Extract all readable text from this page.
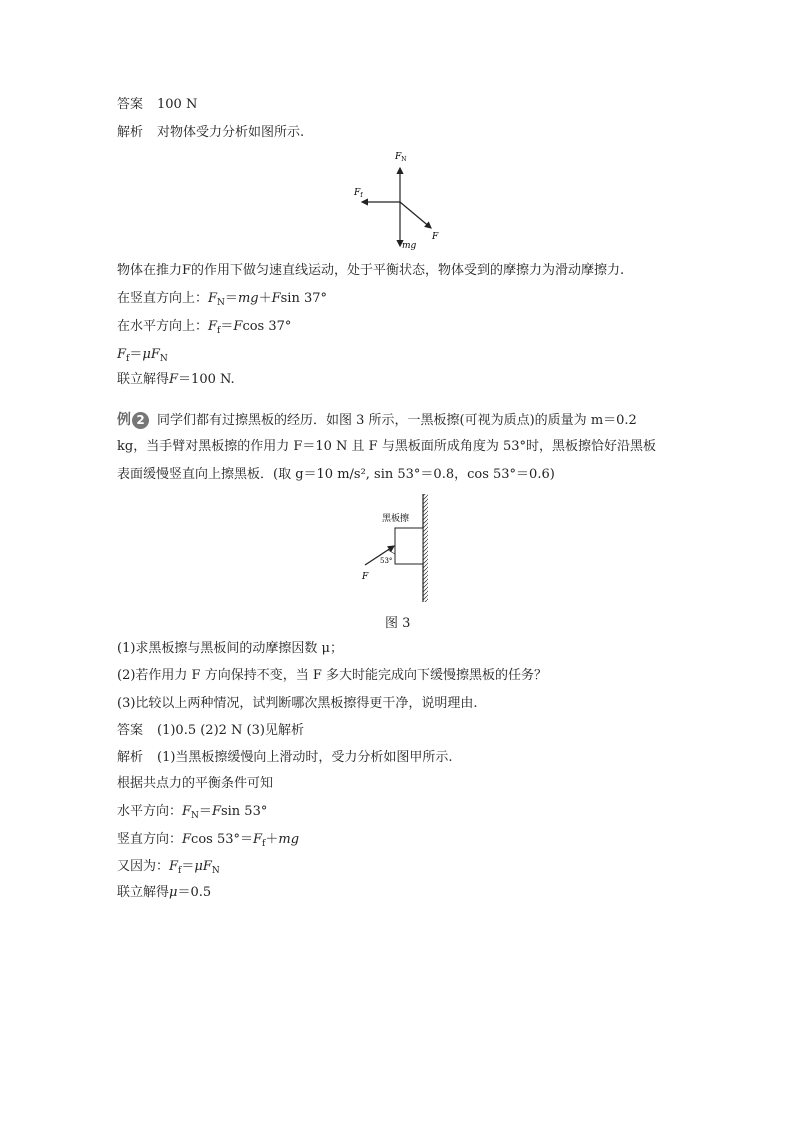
答案 100 N
解析 对物体受力分析如图所示.
$F_N$
$F_f$
mg
F
物体在推力F的作用下做匀速直线运动，处于平衡状态，物体受到的摩擦力为滑动摩擦力.
在竖直方向上：$F_N=mg+Fsin$ 37°
在水平方向上：$F_f=Fcos$ 37°
$F_f=\mu F_N$
联立解得F＝100 N.
例 2 同学们都有过擦黑板的经历．如图 3 所示，一黑板擦(可视为质点)的质量为 m＝0.2
kg，当手臂对黑板擦的作用力 F＝10 N 且 F 与黑板面所成角度为 53°时，黑板擦恰好沿黑板
表面缓慢竖直向上擦黑板．(取 g＝10 m/s², sin 53°＝0.8，cos 53°＝0.6)
黑板擦
53°
F
图 3
(1)求黑板擦与黑板间的动摩擦因数 μ；
(2)若作用力 F 方向保持不变，当 F 多大时能完成向下缓慢擦黑板的任务？
(3)比较以上两种情况，试判断哪次黑板擦得更干净，说明理由.
答案 (1)0.5 (2)2 N (3)见解析
解析 (1)当黑板擦缓慢向上滑动时，受力分析如图甲所示.
根据共点力的平衡条件可知
水平方向：$F_N=Fsin$ 53°
竖直方向：Fcos $53^\circ=F_f+mg$
又因为：$F_f=\mu F_N$
联立解得μ＝0.5
